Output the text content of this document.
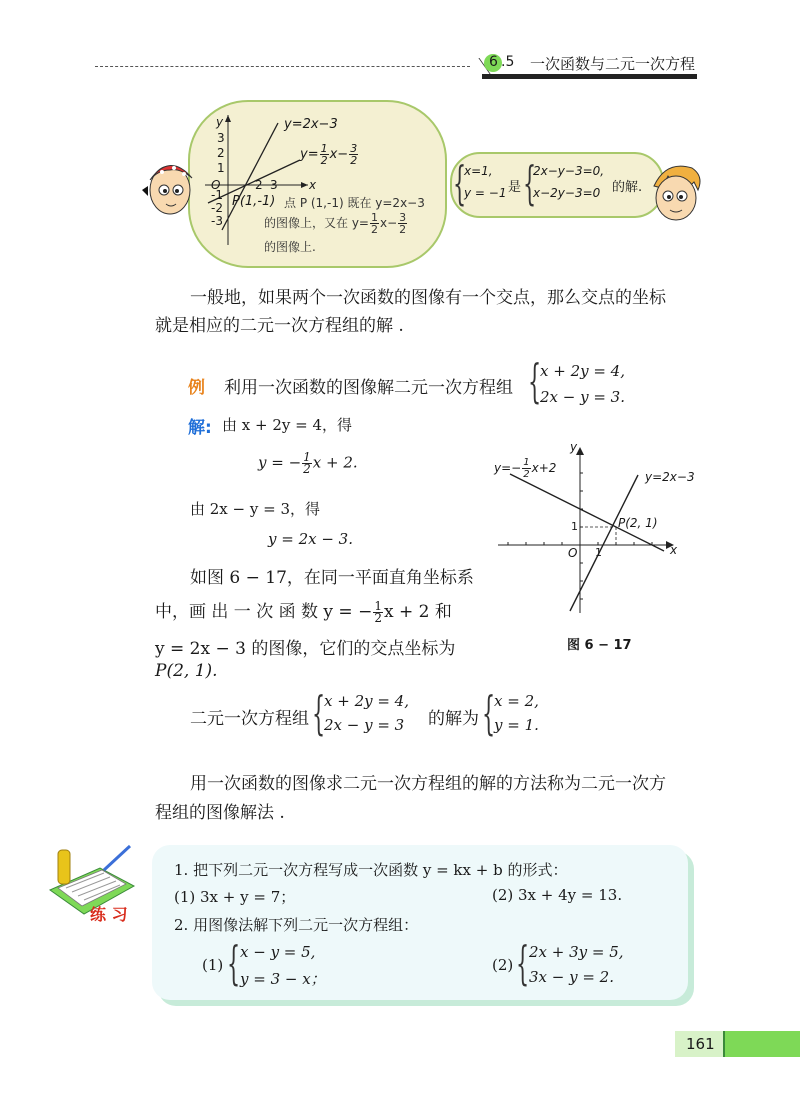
6 .5 一次函数与二元一次方程
y
O	x
3
2
1
-1
-2
-3
2 3
y=2x−3
$y= \frac{1}{2} x- \frac{3}{2}$
P(1,-1) 点 P (1,-1) 既在 y=2x−3
的图像上，又在 $y= \frac{1}{2} x- \frac{3}{2}$
的图像上.
{
x=1,
y = −1 是 {
2x−y−3=0,
x−2y−3=0 的解.
一般地，如果两个一次函数的图像有一个交点，那么交点的坐标
就是相应的二元一次方程组的解 .
例 利用一次函数的图像解二元一次方程组 {
x + 2y = 4,
2x − y = 3.
解: 由 x + 2y = 4，得
y = − $\frac{1}{2}$ x + 2.
由 2x − y = 3，得
y = 2x − 3.
如图 6 − 17，在同一平面直角坐标系
中，画 出 一 次 函 数 y = − $\frac{1}{2}$ x + 2 和
y = 2x − 3 的图像，它们的交点坐标为
P(2, 1).
二元一次方程组 {
x + 2y = 4,
2x − y = 3 的解为 {
x = 2,
y = 1.
$y=- \frac{1}{2} x+2$
y=2x−3
P(2, 1)
O	x
y
1
1
图 6 − 17
用一次函数的图像求二元一次方程组的解的方法称为二元一次方
程组的图像解法 .
练 习
1. 把下列二元一次方程写成一次函数 y = kx + b 的形式：
(1) 3x + y = 7；	(2) 3x + 4y = 13.
2. 用图像法解下列二元一次方程组：
(1) { x − y = 5,
y = 3 − x；
(2) { 2x + 3y = 5,
3x − y = 2.
161
